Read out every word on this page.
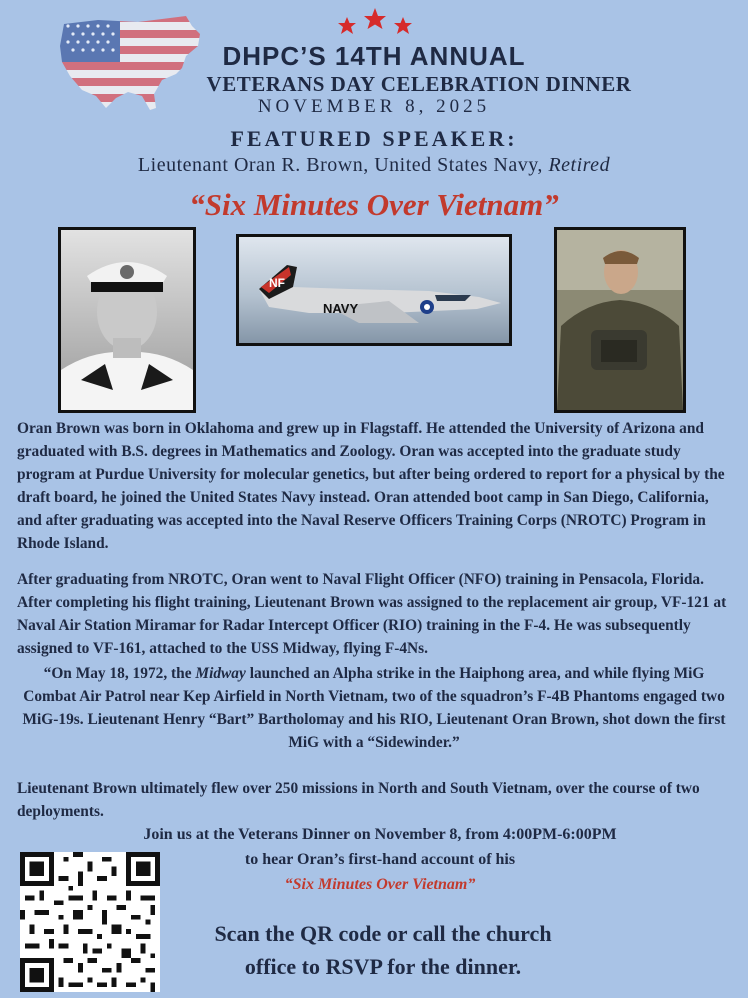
DHPC’S 14TH ANNUAL
VETERANS DAY CELEBRATION DINNER
NOVEMBER 8, 2025
FEATURED SPEAKER:
Lieutenant Oran R. Brown, United States Navy, Retired
“Six Minutes Over Vietnam”
NF
NAVY

Oran Brown was born in Oklahoma and grew up in Flagstaff. He attended the University of Arizona and graduated with B.S. degrees in Mathematics and Zoology. Oran was accepted into the graduate study program at Purdue University for molecular genetics, but after being ordered to report for a physical by the draft board, he joined the United States Navy instead. Oran attended boot camp in San Diego, California, and after graduating was accepted into the Naval Reserve Officers Training Corps (NROTC) Program in Rhode Island.

After graduating from NROTC, Oran went to Naval Flight Officer (NFO) training in Pensacola, Florida. After completing his flight training, Lieutenant Brown was assigned to the replacement air group, VF-121 at Naval Air Station Miramar for Radar Intercept Officer (RIO) training in the F-4. He was subsequently assigned to VF-161, attached to the USS Midway, flying F-4Ns.

“On May 18, 1972, the Midway launched an Alpha strike in the Haiphong area, and while flying MiG Combat Air Patrol near Kep Airfield in North Vietnam, two of the squadron’s F-4B Phantoms engaged two MiG-19s. Lieutenant Henry “Bart” Bartholomay and his RIO, Lieutenant Oran Brown, shot down the first MiG with a “Sidewinder.”

Lieutenant Brown ultimately flew over 250 missions in North and South Vietnam, over the course of two deployments.

Join us at the Veterans Dinner on November 8, from 4:00PM-6:00PM
to hear Oran’s first-hand account of his
“Six Minutes Over Vietnam”
Scan the QR code or call the church
office to RSVP for the dinner.
